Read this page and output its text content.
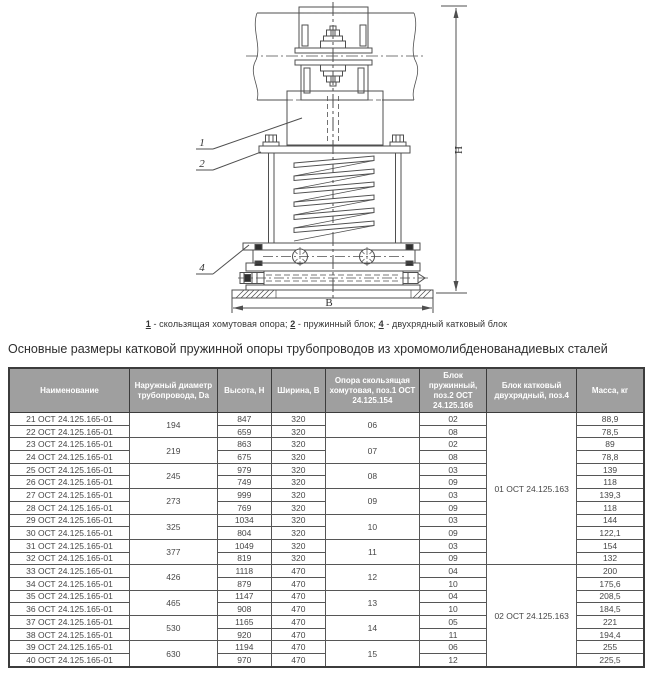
В
Н
1
2
4
1 - скользящая хомутовая опора; 2 - пружинный блок; 4 - двухрядный катковый блок
Основные размеры катковой пружинной опоры трубопроводов из хромомолибденованадиевых сталей
Наименование	Наружный диаметр трубопровода, Da	Высота, Н	Ширина, В	Опора скользящая хомутовая, поз.1 ОСТ 24.125.154	Блок пружинный, поз.2 ОСТ 24.125.166	Блок катковый двухрядный, поз.4	Масса, кг
21 ОСТ 24.125.165-01	194	847	320	06	02	01 ОСТ 24.125.163	88,9
22 ОСТ 24.125.165-01		659	320		08		78,5
23 ОСТ 24.125.165-01	219	863	320	07	02		89
24 ОСТ 24.125.165-01		675	320		08		78,8
25 ОСТ 24.125.165-01	245	979	320	08	03		139
26 ОСТ 24.125.165-01		749	320		09		118
27 ОСТ 24.125.165-01	273	999	320	09	03		139,3
28 ОСТ 24.125.165-01		769	320		09		118
29 ОСТ 24.125.165-01	325	1034	320	10	03		144
30 ОСТ 24.125.165-01		804	320		09		122,1
31 ОСТ 24.125.165-01	377	1049	320	11	03		154
32 ОСТ 24.125.165-01		819	320		09		132
33 ОСТ 24.125.165-01	426	1118	470	12	04	02 ОСТ 24.125.163	200
34 ОСТ 24.125.165-01		879	470		10		175,6
35 ОСТ 24.125.165-01	465	1147	470	13	04		208,5
36 ОСТ 24.125.165-01		908	470		10		184,5
37 ОСТ 24.125.165-01	530	1165	470	14	05		221
38 ОСТ 24.125.165-01		920	470		11		194,4
39 ОСТ 24.125.165-01	630	1194	470	15	06		255
40 ОСТ 24.125.165-01		970	470		12		225,5
